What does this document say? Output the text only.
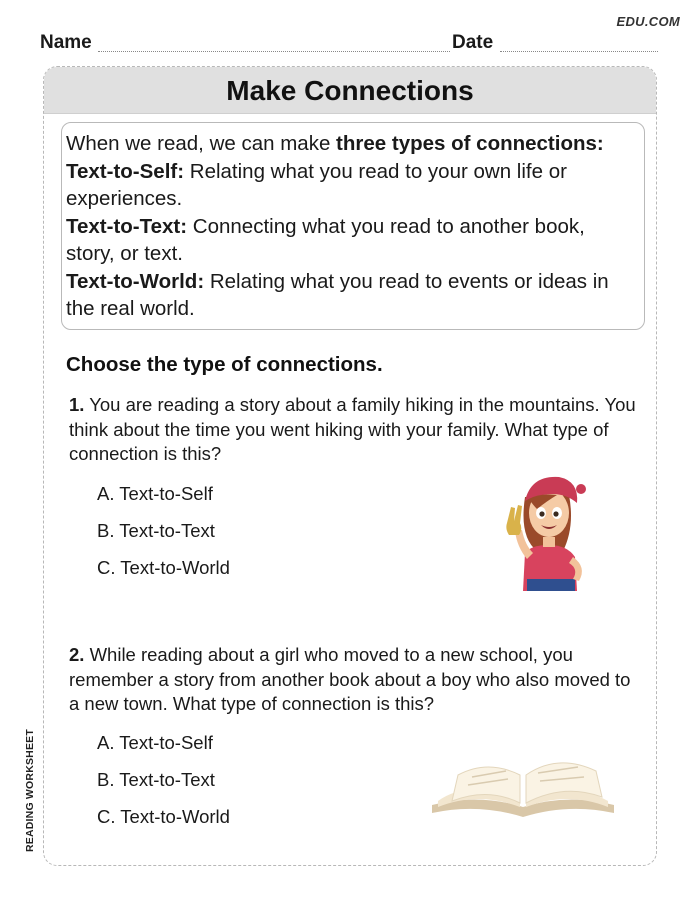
EDU.COM
Name	Date
Make Connections

When we read, we can make three types of connections:

Text-to-Self: Relating what you read to your own life or experiences.

Text-to-Text: Connecting what you read to another book, story, or text.

Text-to-World: Relating what you read to events or ideas in the real world.

Choose the type of connections.
1. You are reading a story about a family hiking in the mountains. You think about the time you went hiking with your family. What type of connection is this?
A. Text-to-Self
B. Text-to-Text
C. Text-to-World
2. While reading about a girl who moved to a new school, you remember a story from another book about a boy who also moved to a new town. What type of connection is this?
A. Text-to-Self
B. Text-to-Text
C. Text-to-World
READING WORKSHEET
